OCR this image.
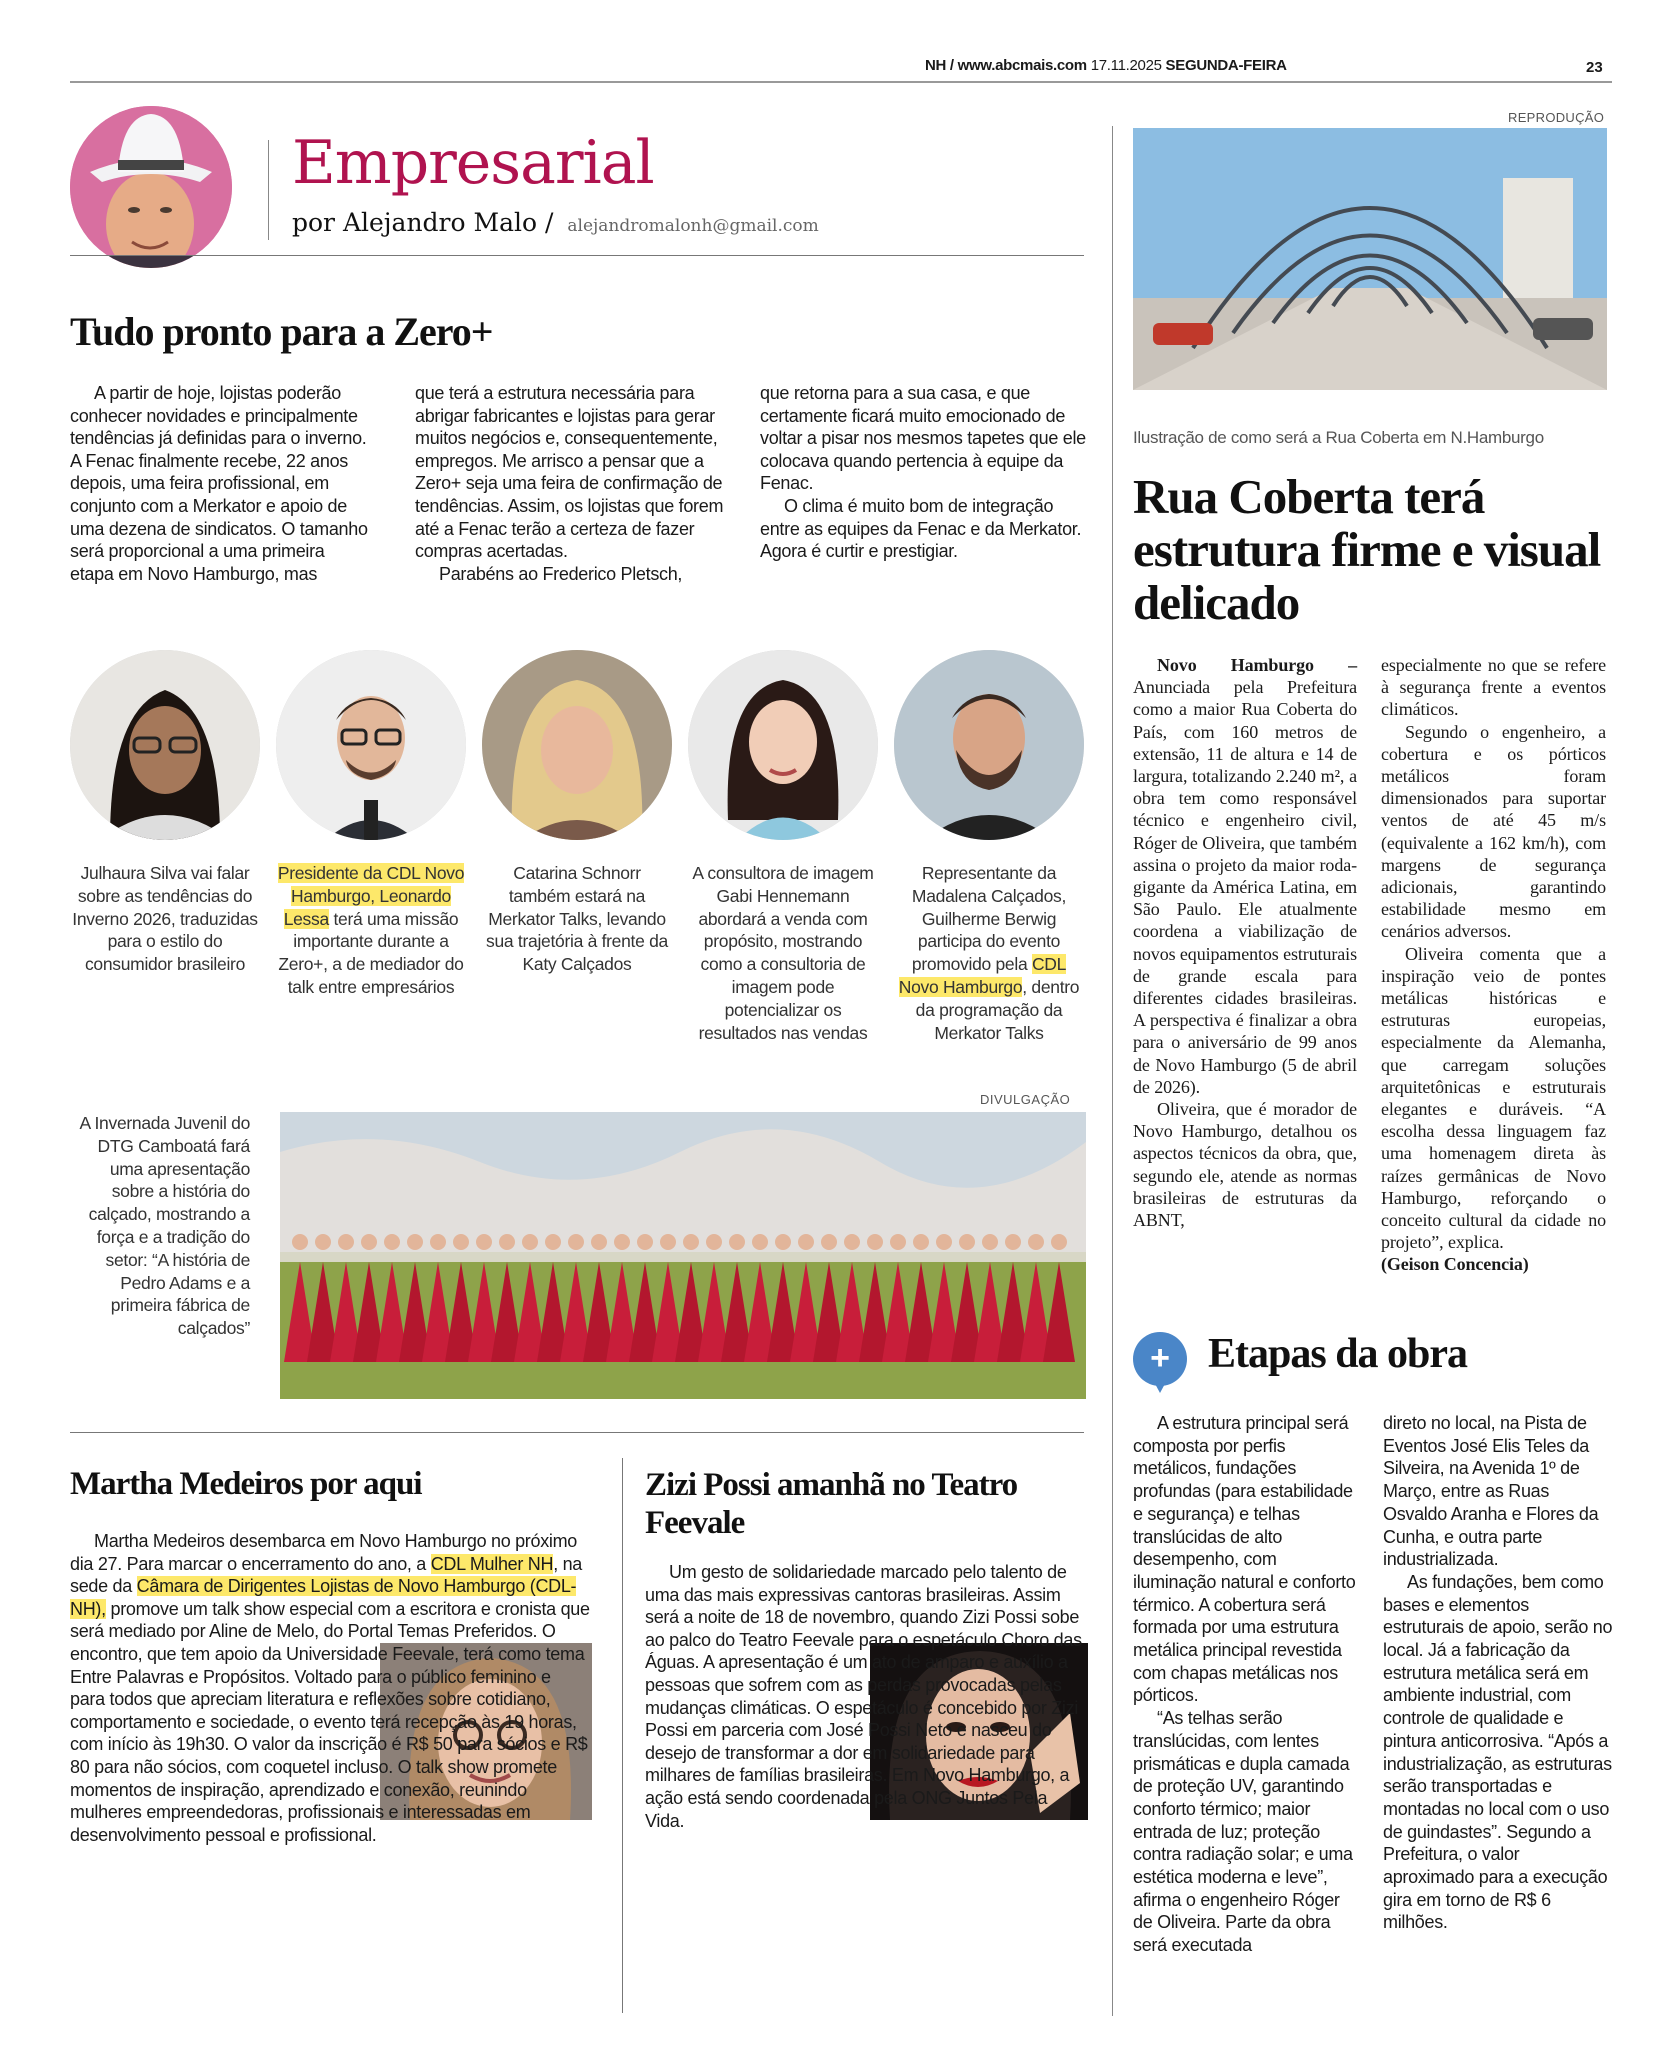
NH / www.abcmais.com 17.11.2025 SEGUNDA-FEIRA	23
Empresarial
por Alejandro Malo / alejandromalonh@gmail.com
Tudo pronto para a Zero+

A partir de hoje, lojistas poderão conhecer novidades e principalmente tendências já definidas para o inverno. A Fenac finalmente recebe, 22 anos depois, uma feira profissional, em conjunto com a Merkator e apoio de uma dezena de sindicatos. O tamanho será proporcional a uma primeira etapa em Novo Hamburgo, mas

que terá a estrutura necessária para abrigar fabricantes e lojistas para gerar muitos negócios e, consequentemente, empregos. Me arrisco a pensar que a Zero+ seja uma feira de confirmação de tendências. Assim, os lojistas que forem até a Fenac terão a certeza de fazer compras acertadas.

Parabéns ao Frederico Pletsch,

que retorna para a sua casa, e que certamente ficará muito emocionado de voltar a pisar nos mesmos tapetes que ele colocava quando pertencia à equipe da Fenac.

O clima é muito bom de integração entre as equipes da Fenac e da Merkator. Agora é curtir e prestigiar.

Julhaura Silva vai falar sobre as tendências do Inverno 2026, traduzidas para o estilo do consumidor brasileiro
Presidente da CDL Novo Hamburgo, Leonardo Lessa terá uma missão importante durante a Zero+, a de mediador do talk entre empresários
Catarina Schnorr também estará na Merkator Talks, levando sua trajetória à frente da Katy Calçados
A consultora de imagem Gabi Hennemann abordará a venda com propósito, mostrando como a consultoria de imagem pode potencializar os resultados nas vendas
Representante da Madalena Calçados, Guilherme Berwig participa do evento promovido pela CDL Novo Hamburgo, dentro da programação da Merkator Talks
DIVULGAÇÃO
A Invernada Juvenil do DTG Camboatá fará uma apresentação sobre a história do calçado, mostrando a força e a tradição do setor: “A história de Pedro Adams e a primeira fábrica de calçados”
Martha Medeiros por aqui

Martha Medeiros desembarca em Novo Hamburgo no próximo dia 27. Para marcar o encerramento do ano, a CDL Mulher NH, na sede da Câmara de Dirigentes Lojistas de Novo Hamburgo (CDL-NH), promove um talk show especial com a escritora e cronista que será mediado por Aline de Melo, do Portal Temas Preferidos. O encontro, que tem apoio da Universidade Feevale, terá como tema Entre Palavras e Propósitos. Voltado para o público feminino e para todos que apreciam literatura e reflexões sobre cotidiano, comportamento e sociedade, o evento terá recepção às 19 horas, com início às 19h30. O valor da inscrição é R$ 50 para sócios e R$ 80 para não sócios, com coquetel incluso. O talk show promete momentos de inspiração, aprendizado e conexão, reunindo mulheres empreendedoras, profissionais e interessadas em desenvolvimento pessoal e profissional.

Zizi Possi amanhã no Teatro Feevale

Um gesto de solidariedade marcado pelo talento de uma das mais expressivas cantoras brasileiras. Assim será a noite de 18 de novembro, quando Zizi Possi sobe ao palco do Teatro Feevale para o espetáculo Choro das Águas. A apresentação é um ato de amparo e auxílio a pessoas que sofrem com as perdas provocadas pelas mudanças climáticas. O espetáculo é concebido por Zizi Possi em parceria com José Possi Neto e nasceu do desejo de transformar a dor em solidariedade para milhares de famílias brasileiras. Em Novo Hamburgo, a ação está sendo coordenada pela ONG Juntos Pela Vida.

REPRODUÇÃO
Ilustração de como será a Rua Coberta em N.Hamburgo
Rua Coberta terá estrutura firme e visual delicado

Novo Hamburgo – Anunciada pela Prefeitura como a maior Rua Coberta do País, com 160 metros de extensão, 11 de altura e 14 de largura, totalizando 2.240 m², a obra tem como responsável técnico e engenheiro civil, Róger de Oliveira, que também assina o projeto da maior roda-gigante da América Latina, em São Paulo. Ele atualmente coordena a viabilização de novos equipamentos estruturais de grande escala para diferentes cidades brasileiras. A perspectiva é finalizar a obra para o aniversário de 99 anos de Novo Hamburgo (5 de abril de 2026).

Oliveira, que é morador de Novo Hamburgo, detalhou os aspectos técnicos da obra, que, segundo ele, atende as normas brasileiras de estruturas da ABNT,

especialmente no que se refere à segurança frente a eventos climáticos.

Segundo o engenheiro, a cobertura e os pórticos metálicos foram dimensionados para suportar ventos de até 45 m/s (equivalente a 162 km/h), com margens de segurança adicionais, garantindo estabilidade mesmo em cenários adversos.

Oliveira comenta que a inspiração veio de pontes metálicas históricas e estruturas europeias, especialmente da Alemanha, que carregam soluções arquitetônicas e estruturais elegantes e duráveis. “A escolha dessa linguagem faz uma homenagem direta às raízes germânicas de Novo Hamburgo, reforçando o conceito cultural da cidade no projeto”, explica.

(Geison Concencia)

+ Etapas da obra

A estrutura principal será composta por perfis metálicos, fundações profundas (para estabilidade e segurança) e telhas translúcidas de alto desempenho, com iluminação natural e conforto térmico. A cobertura será formada por uma estrutura metálica principal revestida com chapas metálicas nos pórticos.

“As telhas serão translúcidas, com lentes prismáticas e dupla camada de proteção UV, garantindo conforto térmico; maior entrada de luz; proteção contra radiação solar; e uma estética moderna e leve”, afirma o engenheiro Róger de Oliveira. Parte da obra será executada

direto no local, na Pista de Eventos José Elis Teles da Silveira, na Avenida 1º de Março, entre as Ruas Osvaldo Aranha e Flores da Cunha, e outra parte industrializada.

As fundações, bem como bases e elementos estruturais de apoio, serão no local. Já a fabricação da estrutura metálica será em ambiente industrial, com controle de qualidade e pintura anticorrosiva. “Após a industrialização, as estruturas serão transportadas e montadas no local com o uso de guindastes”. Segundo a Prefeitura, o valor aproximado para a execução gira em torno de R$ 6 milhões.
